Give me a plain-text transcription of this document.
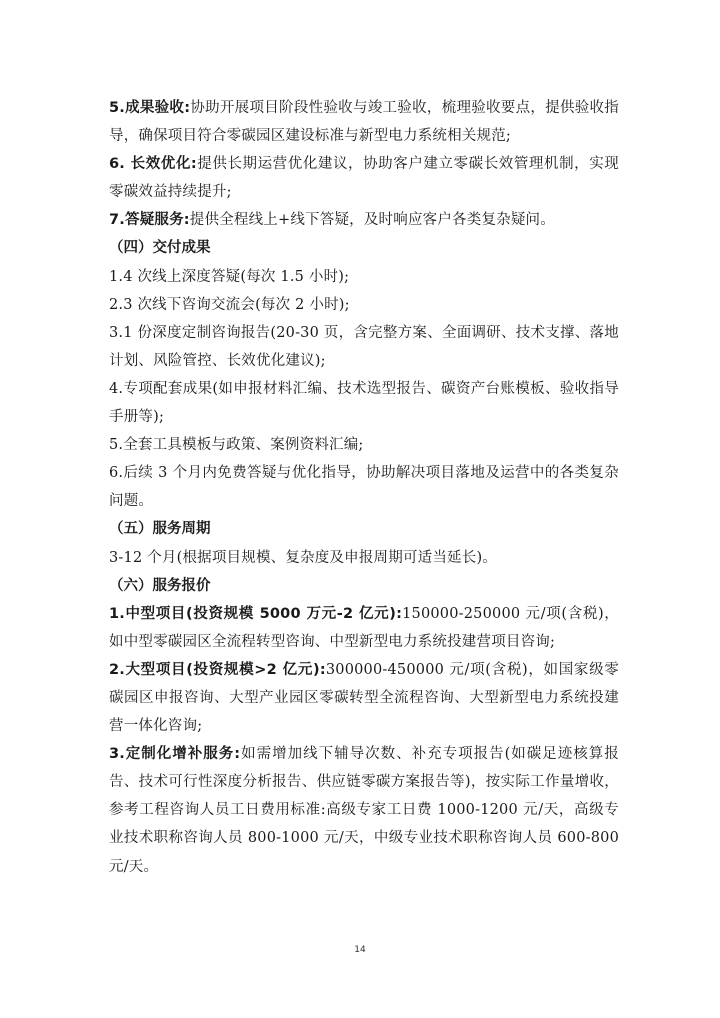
5.成果验收:协助开展项目阶段性验收与竣工验收，梳理验收要点，提供验收指导，确保项目符合零碳园区建设标准与新型电力系统相关规范;

6. 长效优化:提供长期运营优化建议，协助客户建立零碳长效管理机制，实现零碳效益持续提升;

7.答疑服务:提供全程线上+线下答疑，及时响应客户各类复杂疑问。

（四）交付成果

1.4 次线上深度答疑(每次 1.5 小时);

2.3 次线下咨询交流会(每次 2 小时);

3.1 份深度定制咨询报告(20-30 页，含完整方案、全面调研、技术支撑、落地计划、风险管控、长效优化建议);

4.专项配套成果(如申报材料汇编、技术选型报告、碳资产台账模板、验收指导手册等);

5.全套工具模板与政策、案例资料汇编;

6.后续 3 个月内免费答疑与优化指导，协助解决项目落地及运营中的各类复杂问题。

（五）服务周期

3-12 个月(根据项目规模、复杂度及申报周期可适当延长)。

（六）服务报价

1.中型项目(投资规模 5000 万元-2 亿元):150000-250000 元/项(含税)，如中型零碳园区全流程转型咨询、中型新型电力系统投建营项目咨询;

2.大型项目(投资规模>2 亿元):300000-450000 元/项(含税)，如国家级零碳园区申报咨询、大型产业园区零碳转型全流程咨询、大型新型电力系统投建营一体化咨询;

3.定制化增补服务:如需增加线下辅导次数、补充专项报告(如碳足迹核算报告、技术可行性深度分析报告、供应链零碳方案报告等)，按实际工作量增收，参考工程咨询人员工日费用标准:高级专家工日费 1000-1200 元/天，高级专业技术职称咨询人员 800-1000 元/天，中级专业技术职称咨询人员 600-800 元/天。

14
